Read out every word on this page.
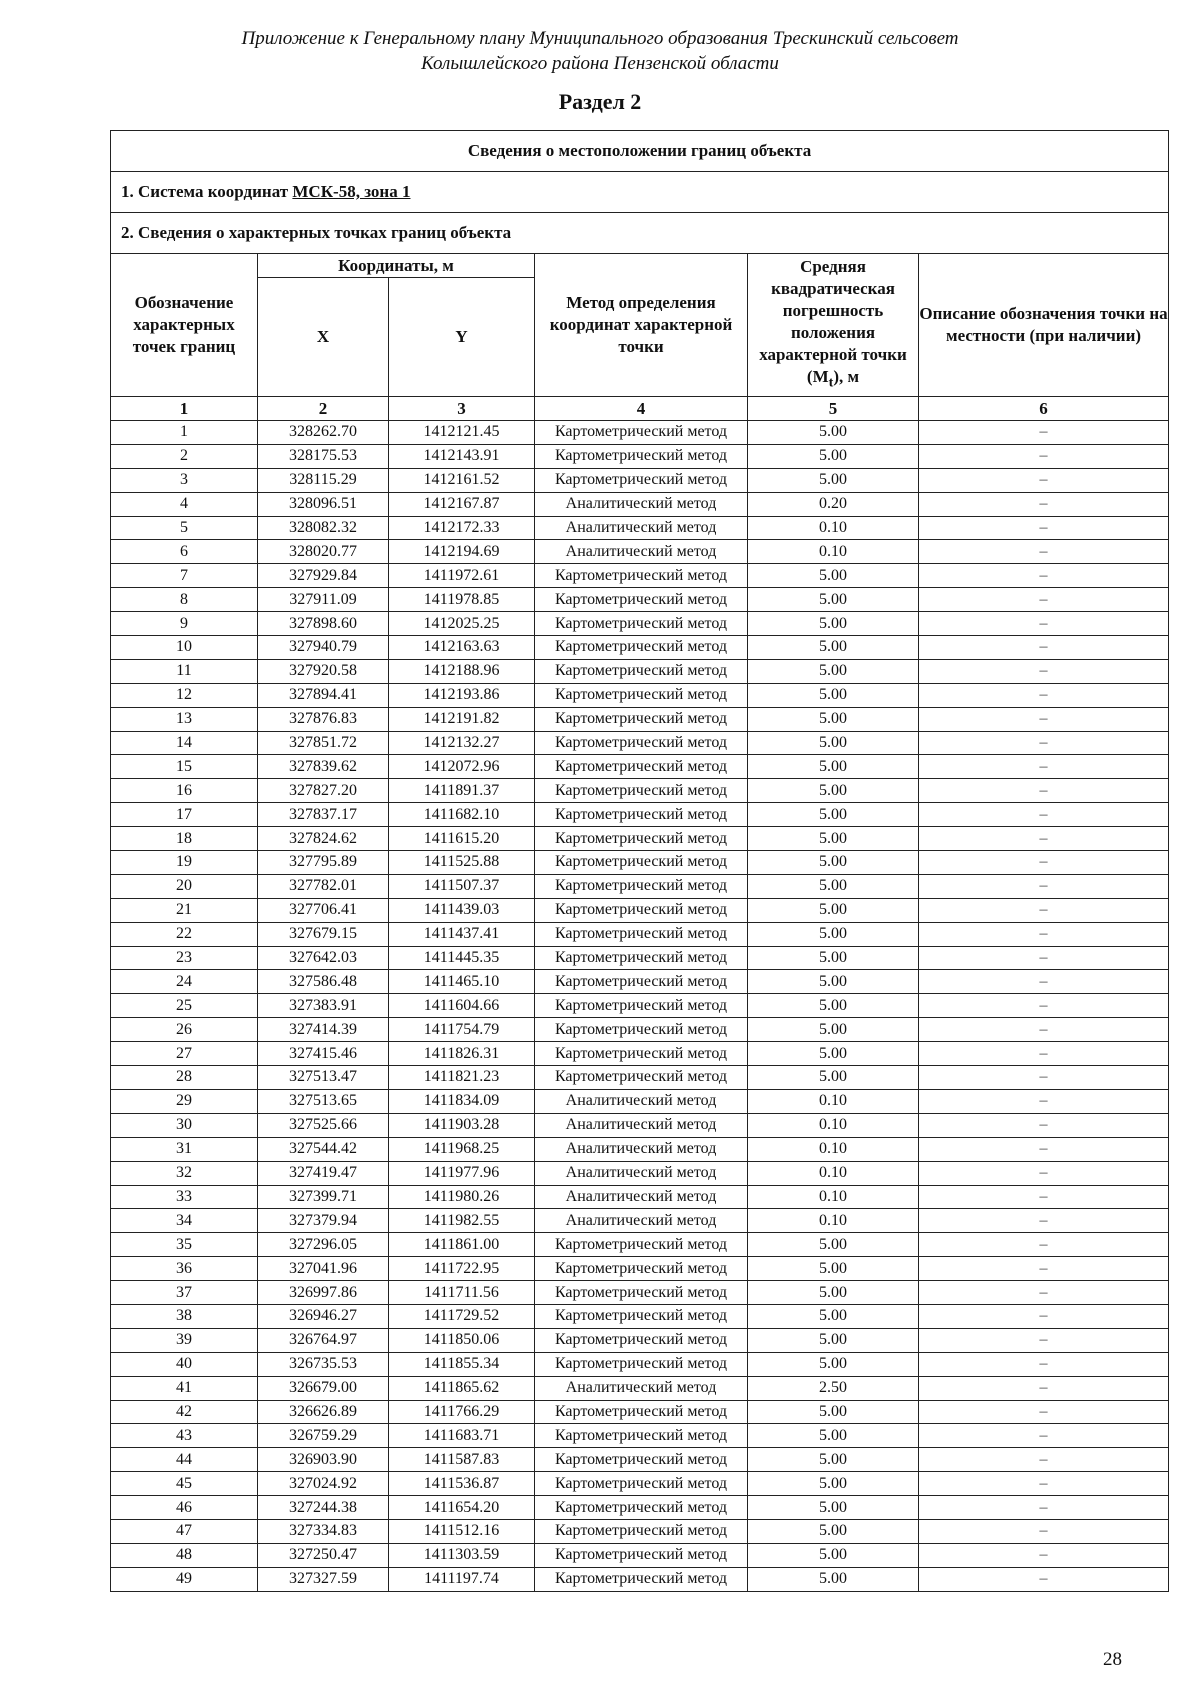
Приложение к Генеральному плану Муниципального образования Трескинский сельсовет
Колышлейского района Пензенской области
Раздел 2
Сведения о местоположении границ объекта					
1. Система координат МСК-58, зона 1					
2. Сведения о характерных точках границ объекта					
Обозначение характерных точек границ	Координаты, м		Метод определения координат характерной точки	Средняя квадратическая погрешность положения характерной точки $(M_t)$, м	Описание обозначения точки на местности (при наличии)
	X	Y			
1	2	3	4	5	6
1	328262.70	1412121.45	Картометрический метод	5.00	–
2	328175.53	1412143.91	Картометрический метод	5.00	–
3	328115.29	1412161.52	Картометрический метод	5.00	–
4	328096.51	1412167.87	Аналитический метод	0.20	–
5	328082.32	1412172.33	Аналитический метод	0.10	–
6	328020.77	1412194.69	Аналитический метод	0.10	–
7	327929.84	1411972.61	Картометрический метод	5.00	–
8	327911.09	1411978.85	Картометрический метод	5.00	–
9	327898.60	1412025.25	Картометрический метод	5.00	–
10	327940.79	1412163.63	Картометрический метод	5.00	–
11	327920.58	1412188.96	Картометрический метод	5.00	–
12	327894.41	1412193.86	Картометрический метод	5.00	–
13	327876.83	1412191.82	Картометрический метод	5.00	–
14	327851.72	1412132.27	Картометрический метод	5.00	–
15	327839.62	1412072.96	Картометрический метод	5.00	–
16	327827.20	1411891.37	Картометрический метод	5.00	–
17	327837.17	1411682.10	Картометрический метод	5.00	–
18	327824.62	1411615.20	Картометрический метод	5.00	–
19	327795.89	1411525.88	Картометрический метод	5.00	–
20	327782.01	1411507.37	Картометрический метод	5.00	–
21	327706.41	1411439.03	Картометрический метод	5.00	–
22	327679.15	1411437.41	Картометрический метод	5.00	–
23	327642.03	1411445.35	Картометрический метод	5.00	–
24	327586.48	1411465.10	Картометрический метод	5.00	–
25	327383.91	1411604.66	Картометрический метод	5.00	–
26	327414.39	1411754.79	Картометрический метод	5.00	–
27	327415.46	1411826.31	Картометрический метод	5.00	–
28	327513.47	1411821.23	Картометрический метод	5.00	–
29	327513.65	1411834.09	Аналитический метод	0.10	–
30	327525.66	1411903.28	Аналитический метод	0.10	–
31	327544.42	1411968.25	Аналитический метод	0.10	–
32	327419.47	1411977.96	Аналитический метод	0.10	–
33	327399.71	1411980.26	Аналитический метод	0.10	–
34	327379.94	1411982.55	Аналитический метод	0.10	–
35	327296.05	1411861.00	Картометрический метод	5.00	–
36	327041.96	1411722.95	Картометрический метод	5.00	–
37	326997.86	1411711.56	Картометрический метод	5.00	–
38	326946.27	1411729.52	Картометрический метод	5.00	–
39	326764.97	1411850.06	Картометрический метод	5.00	–
40	326735.53	1411855.34	Картометрический метод	5.00	–
41	326679.00	1411865.62	Аналитический метод	2.50	–
42	326626.89	1411766.29	Картометрический метод	5.00	–
43	326759.29	1411683.71	Картометрический метод	5.00	–
44	326903.90	1411587.83	Картометрический метод	5.00	–
45	327024.92	1411536.87	Картометрический метод	5.00	–
46	327244.38	1411654.20	Картометрический метод	5.00	–
47	327334.83	1411512.16	Картометрический метод	5.00	–
48	327250.47	1411303.59	Картометрический метод	5.00	–
49	327327.59	1411197.74	Картометрический метод	5.00	–
28
